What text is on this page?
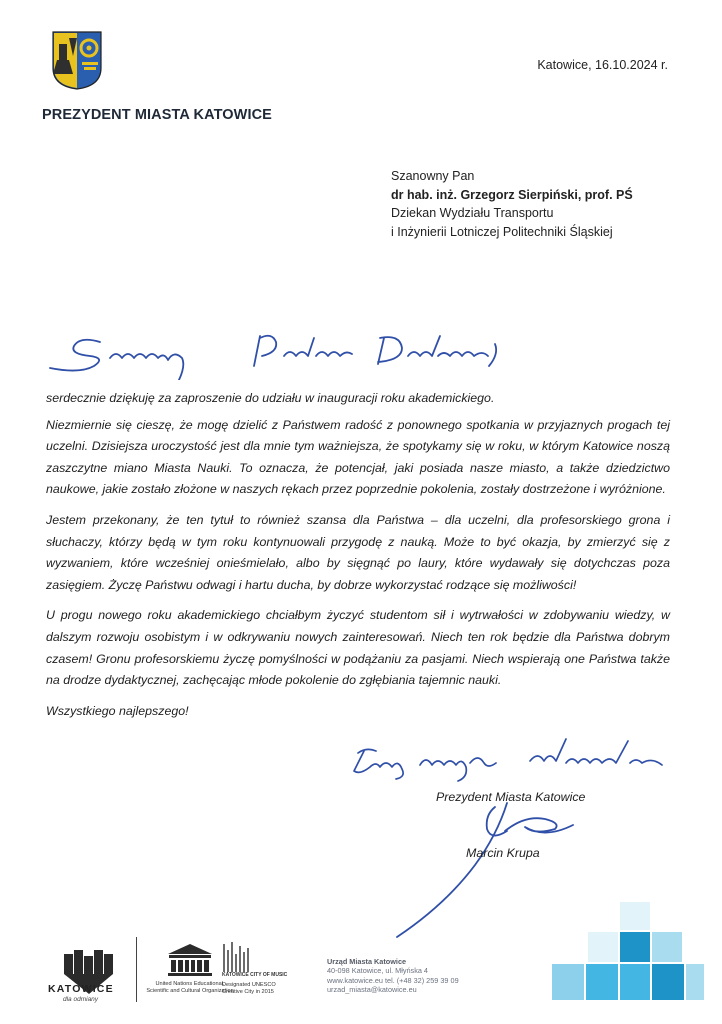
PREZYDENT MIASTA KATOWICE
Katowice, 16.10.2024 r.
Szanowny Pan
dr hab. inż. Grzegorz Sierpiński, prof. PŚ
Dziekan Wydziału Transportu
i Inżynierii Lotniczej Politechniki Śląskiej

serdecznie dziękuję za zaproszenie do udziału w inauguracji roku akademickiego.

Niezmiernie się cieszę, że mogę dzielić z Państwem radość z ponownego spotkania w przyjaznych progach tej uczelni. Dzisiejsza uroczystość jest dla mnie tym ważniejsza, że spotykamy się w roku, w którym Katowice noszą zaszczytne miano Miasta Nauki. To oznacza, że potencjał, jaki posiada nasze miasto, a także dziedzictwo naukowe, jakie zostało złożone w naszych rękach przez poprzednie pokolenia, zostały dostrzeżone i wyróżnione.

Jestem przekonany, że ten tytuł to również szansa dla Państwa – dla uczelni, dla profesorskiego grona i słuchaczy, którzy będą w tym roku kontynuowali przygodę z nauką. Może to być okazja, by zmierzyć się z wyzwaniem, które wcześniej onieśmielało, albo by sięgnąć po laury, które wydawały się dotychczas poza zasięgiem. Życzę Państwu odwagi i hartu ducha, by dobrze wykorzystać rodzące się możliwości!

U progu nowego roku akademickiego chciałbym życzyć studentom sił i wytrwałości w zdobywaniu wiedzy, w dalszym rozwoju osobistym i w odkrywaniu nowych zainteresowań. Niech ten rok będzie dla Państwa dobrym czasem! Gronu profesorskiemu życzę pomyślności w podążaniu za pasjami. Niech wspierają one Państwa także na drodze dydaktycznej, zachęcając młode pokolenie do zgłębiania tajemnic nauki.

Wszystkiego najlepszego!

Prezydent Miasta Katowice
Marcin Krupa
KATOWICE
dla odmiany
United Nations Educational, Scientific and Cultural Organization
KATOWICE CITY OF MUSIC
Designated UNESCO Creative City in 2015
Urząd Miasta Katowice
40-098 Katowice, ul. Młyńska 4
www.katowice.eu tel. (+48 32) 259 39 09
urzad_miasta@katowice.eu
